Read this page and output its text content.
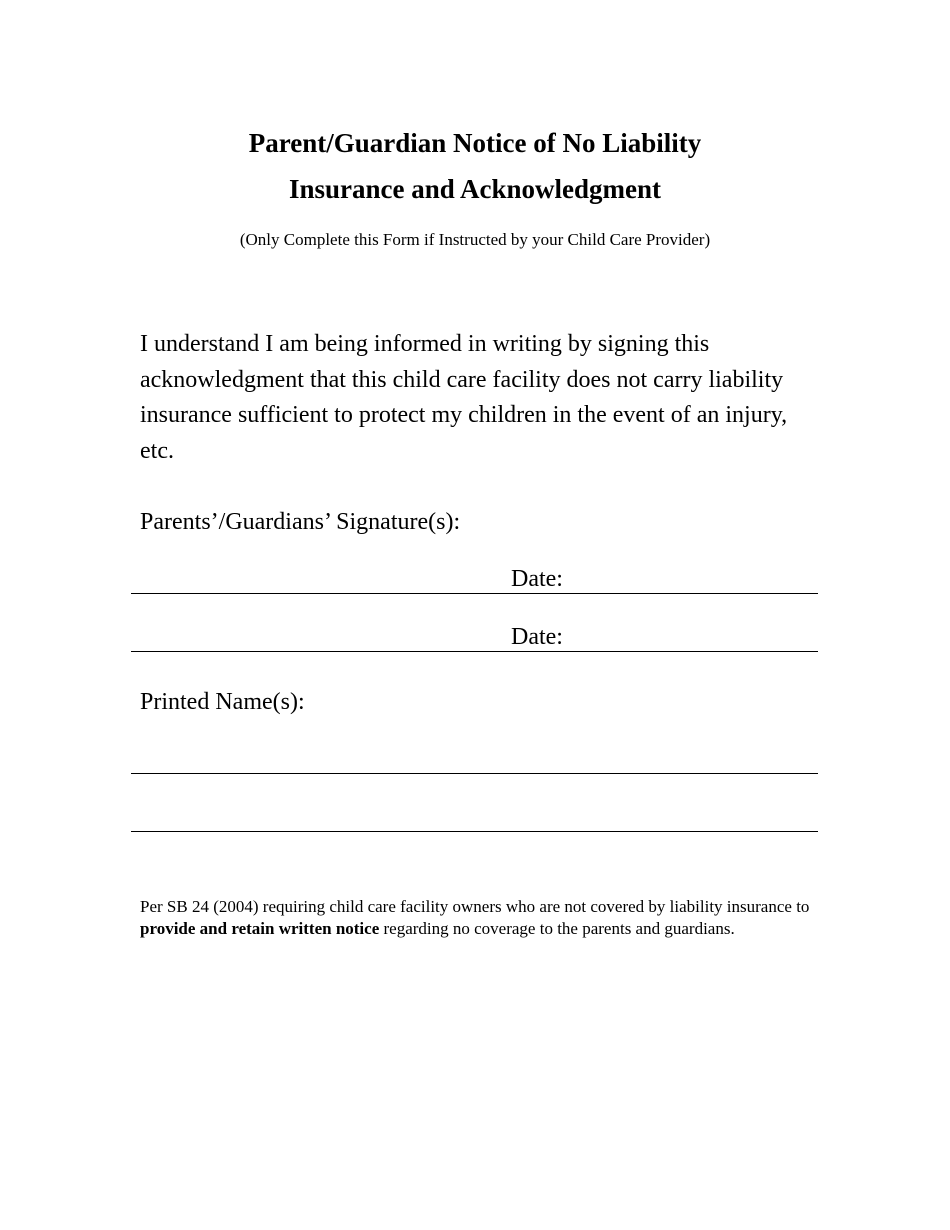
Parent/Guardian Notice of No Liability
Insurance and Acknowledgment
(Only Complete this Form if Instructed by your Child Care Provider)

I understand I am being informed in writing by signing this acknowledgment that this child care facility does not carry liability insurance sufficient to protect my children in the event of an injury, etc.

Parents’/Guardians’ Signature(s):
Date:
Date:
Printed Name(s):

Per SB 24 (2004) requiring child care facility owners who are not covered by liability insurance to provide and retain written notice regarding no coverage to the parents and guardians.
